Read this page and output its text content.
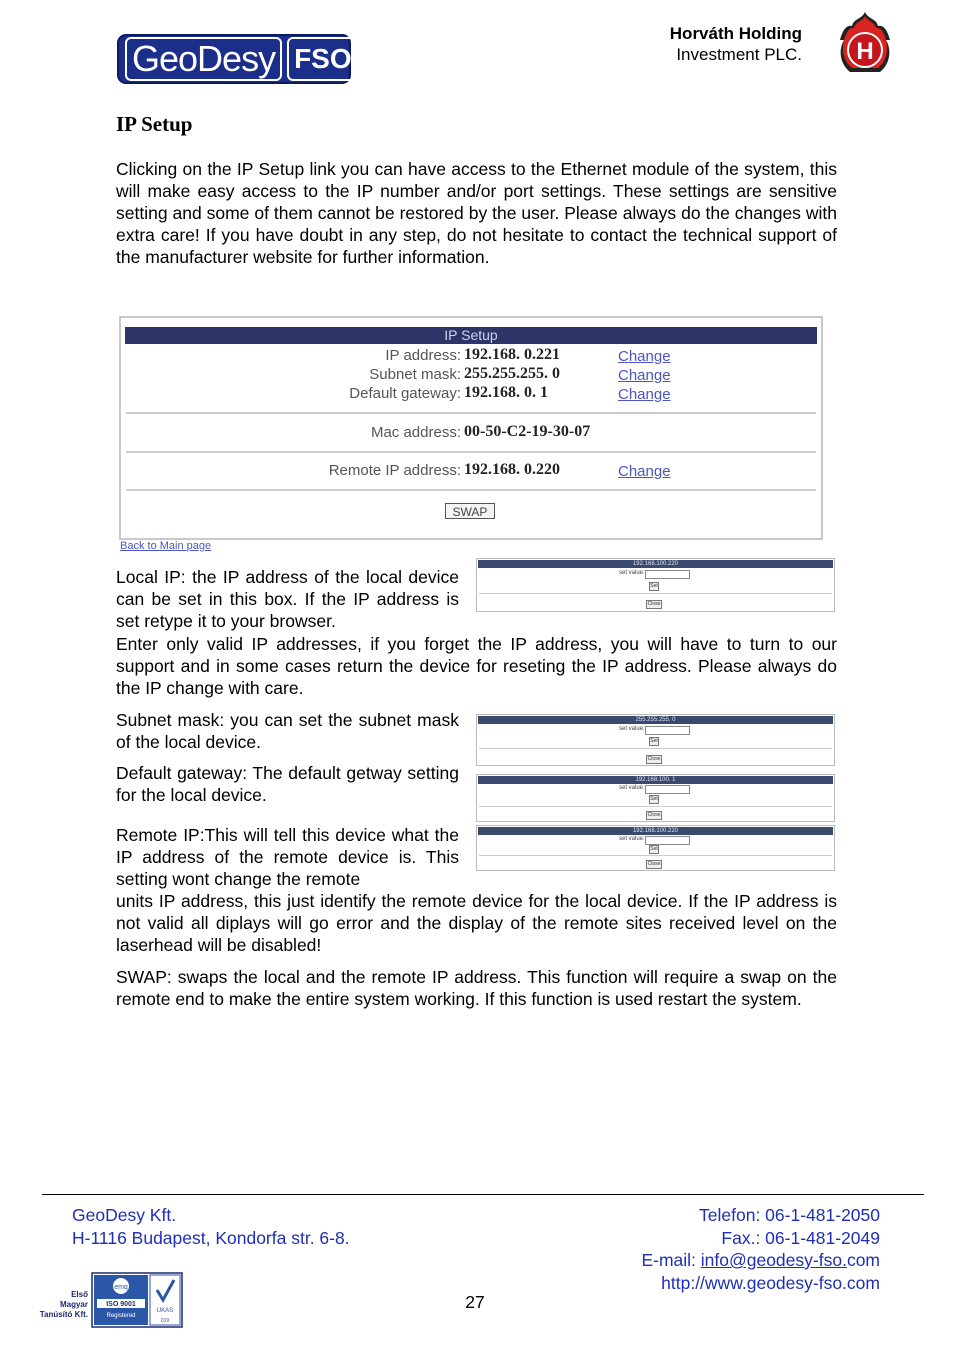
GeoDesy FSO
Horváth Holding
Investment PLC. H
IP Setup
Clicking on the IP Setup link you can have access to the Ethernet module of the system, this will make easy access to the IP number and/or port settings. These settings are sensitive setting and some of them cannot be restored by the user. Please always do the changes with extra care! If you have doubt in any step, do not hesitate to contact the technical support of the manufacturer website for further information.
IP Setup
IP address: 192.168. 0.221	Change
Subnet mask: 255.255.255. 0	Change
Default gateway: 192.168. 0. 1	Change
Mac address: 00-50-C2-19-30-07
Remote IP address: 192.168. 0.220	Change
SWAP
Back to Main page
Local IP: the IP address of the local device can be set in this box. If the IP address is set retype it to your browser.
192.168.100.220
set value:
Set
Close
Enter only valid IP addresses, if you forget the IP address, you will have to turn to our support and in some cases return the device for reseting the IP address. Please always do the IP change with care.
Subnet mask: you can set the subnet mask of the local device.
255.255.255. 0
set value:
Set
Close
Default gateway: The default getway setting for the local device.
192.168.100. 1
set value:
Set
Close
Remote IP:This will tell this device what the IP address of the remote device is. This setting wont change the remote
192.168.100.220
set value:
Set
Close
units IP address, this just identify the remote device for the local device. If the IP address is not valid all diplays will go error and the display of the remote sites received level on the laserhead will be disabled!
SWAP: swaps the local and the remote IP address. This function will require a swap on the remote end to make the entire system working. If this function is used restart the system.
GeoDesy Kft.
H-1116 Budapest, Kondorfa str. 6-8.
Telefon: 06-1-481-2050
Fax.: 06-1-481-2049
E-mail: info@geodesy-fso.com
http://www.geodesy-fso.com
27
Első
Magyar
Tanúsító Kft.
emq
ISO 9001
Registered
UKAS
019
